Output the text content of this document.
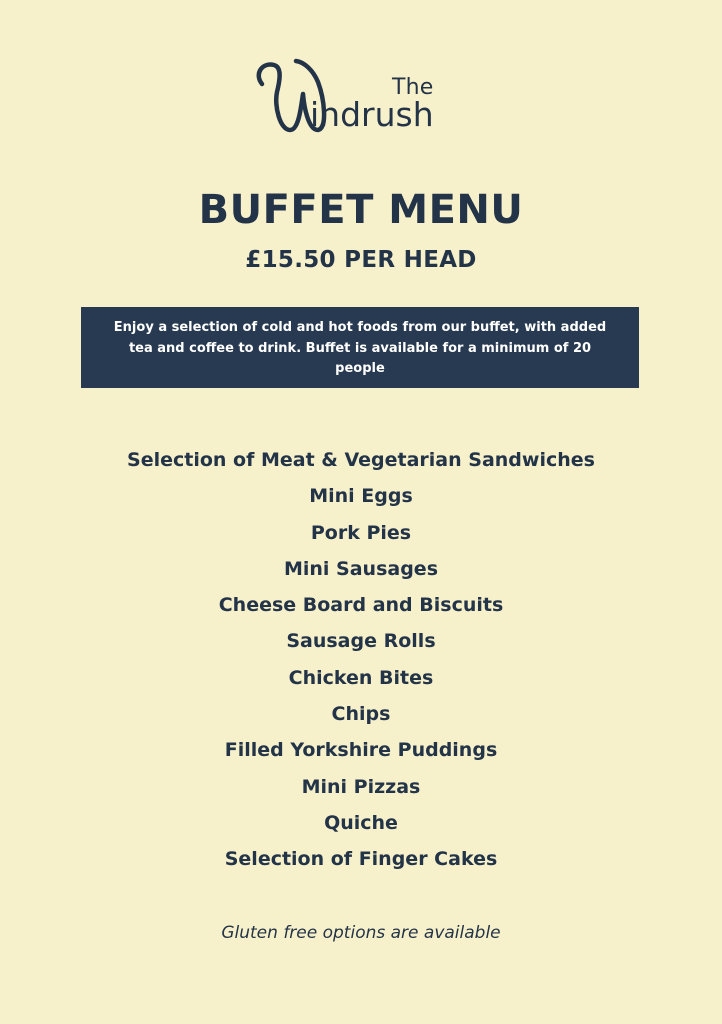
The
indrush
BUFFET MENU
£15.50 PER HEAD
Enjoy a selection of cold and hot foods from our buffet, with added tea and coffee to drink. Buffet is available for a minimum of 20 people
Selection of Meat & Vegetarian Sandwiches
Mini Eggs
Pork Pies
Mini Sausages
Cheese Board and Biscuits
Sausage Rolls
Chicken Bites
Chips
Filled Yorkshire Puddings
Mini Pizzas
Quiche
Selection of Finger Cakes
Gluten free options are available
